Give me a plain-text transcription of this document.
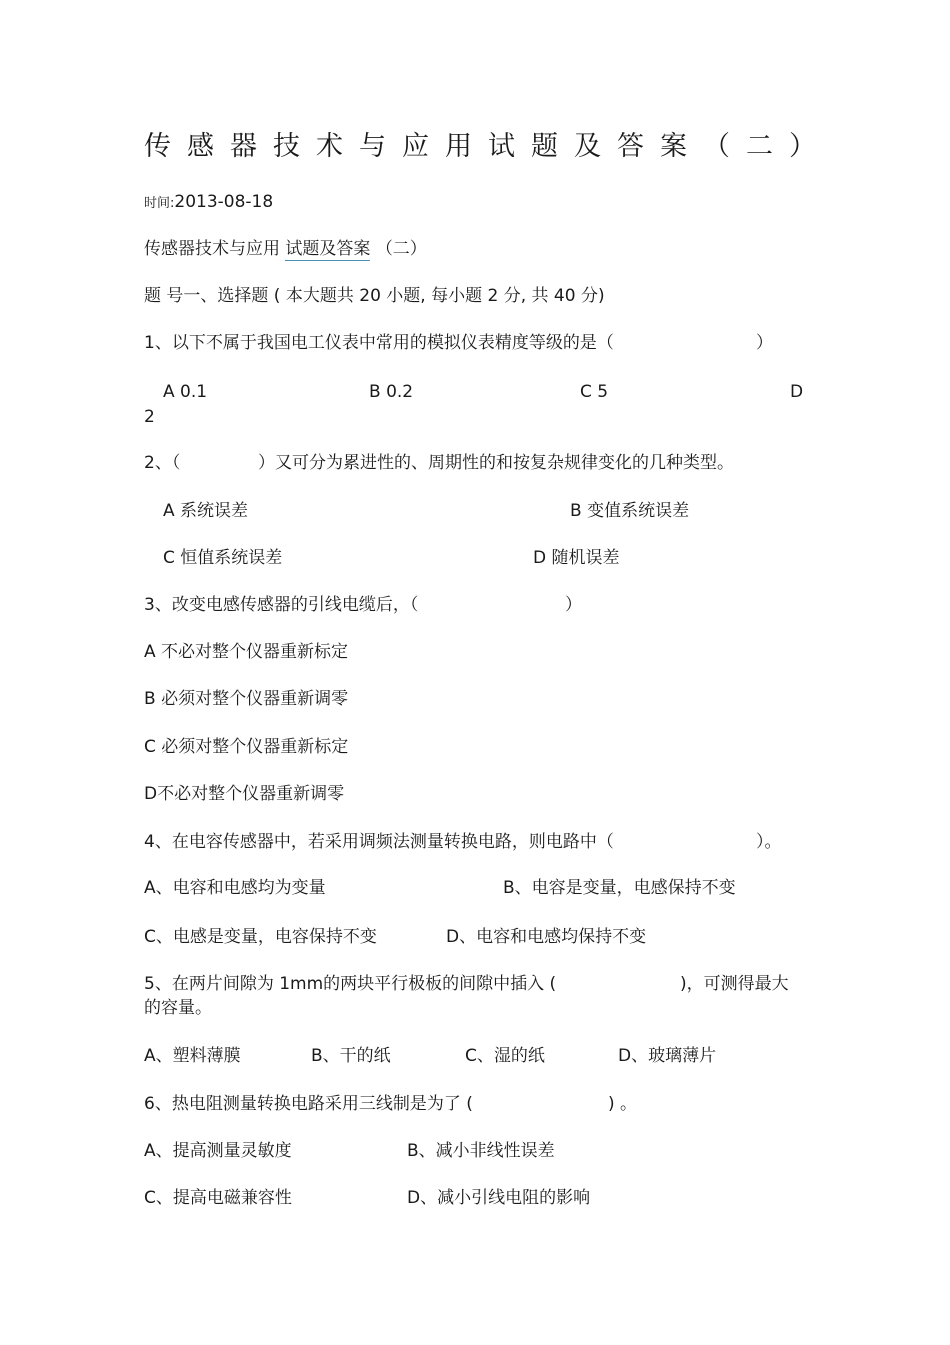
传感器技术与应用试题及答案（二）
时间:2013-08-18
传感器技术与应用 试题及答案 （二）
题 号一、选择题 ( 本大题共 20 小题, 每小题 2 分, 共 40 分)
1、以下不属于我国电工仪表中常用的模拟仪表精度等级的是（	）
A 0.1	B 0.2	C 5	D
2
2、（	）又可分为累进性的、周期性的和按复杂规律变化的几种类型。
A 系统误差	B 变值系统误差
C 恒值系统误差	D 随机误差
3、改变电感传感器的引线电缆后，（	）
A 不必对整个仪器重新标定
B 必须对整个仪器重新调零
C 必须对整个仪器重新标定
D不必对整个仪器重新调零
4、在电容传感器中，若采用调频法测量转换电路，则电路中（	）。
A、电容和电感均为变量	B、电容是变量，电感保持不变
C、电感是变量，电容保持不变	D、电容和电感均保持不变
5、在两片间隙为 1mm的两块平行极板的间隙中插入 (	)，可测得最大
的容量。
A、塑料薄膜	B、干的纸	C、湿的纸	D、玻璃薄片
6、热电阻测量转换电路采用三线制是为了 (	) 。
A、提高测量灵敏度	B、减小非线性误差
C、提高电磁兼容性	D、减小引线电阻的影响
